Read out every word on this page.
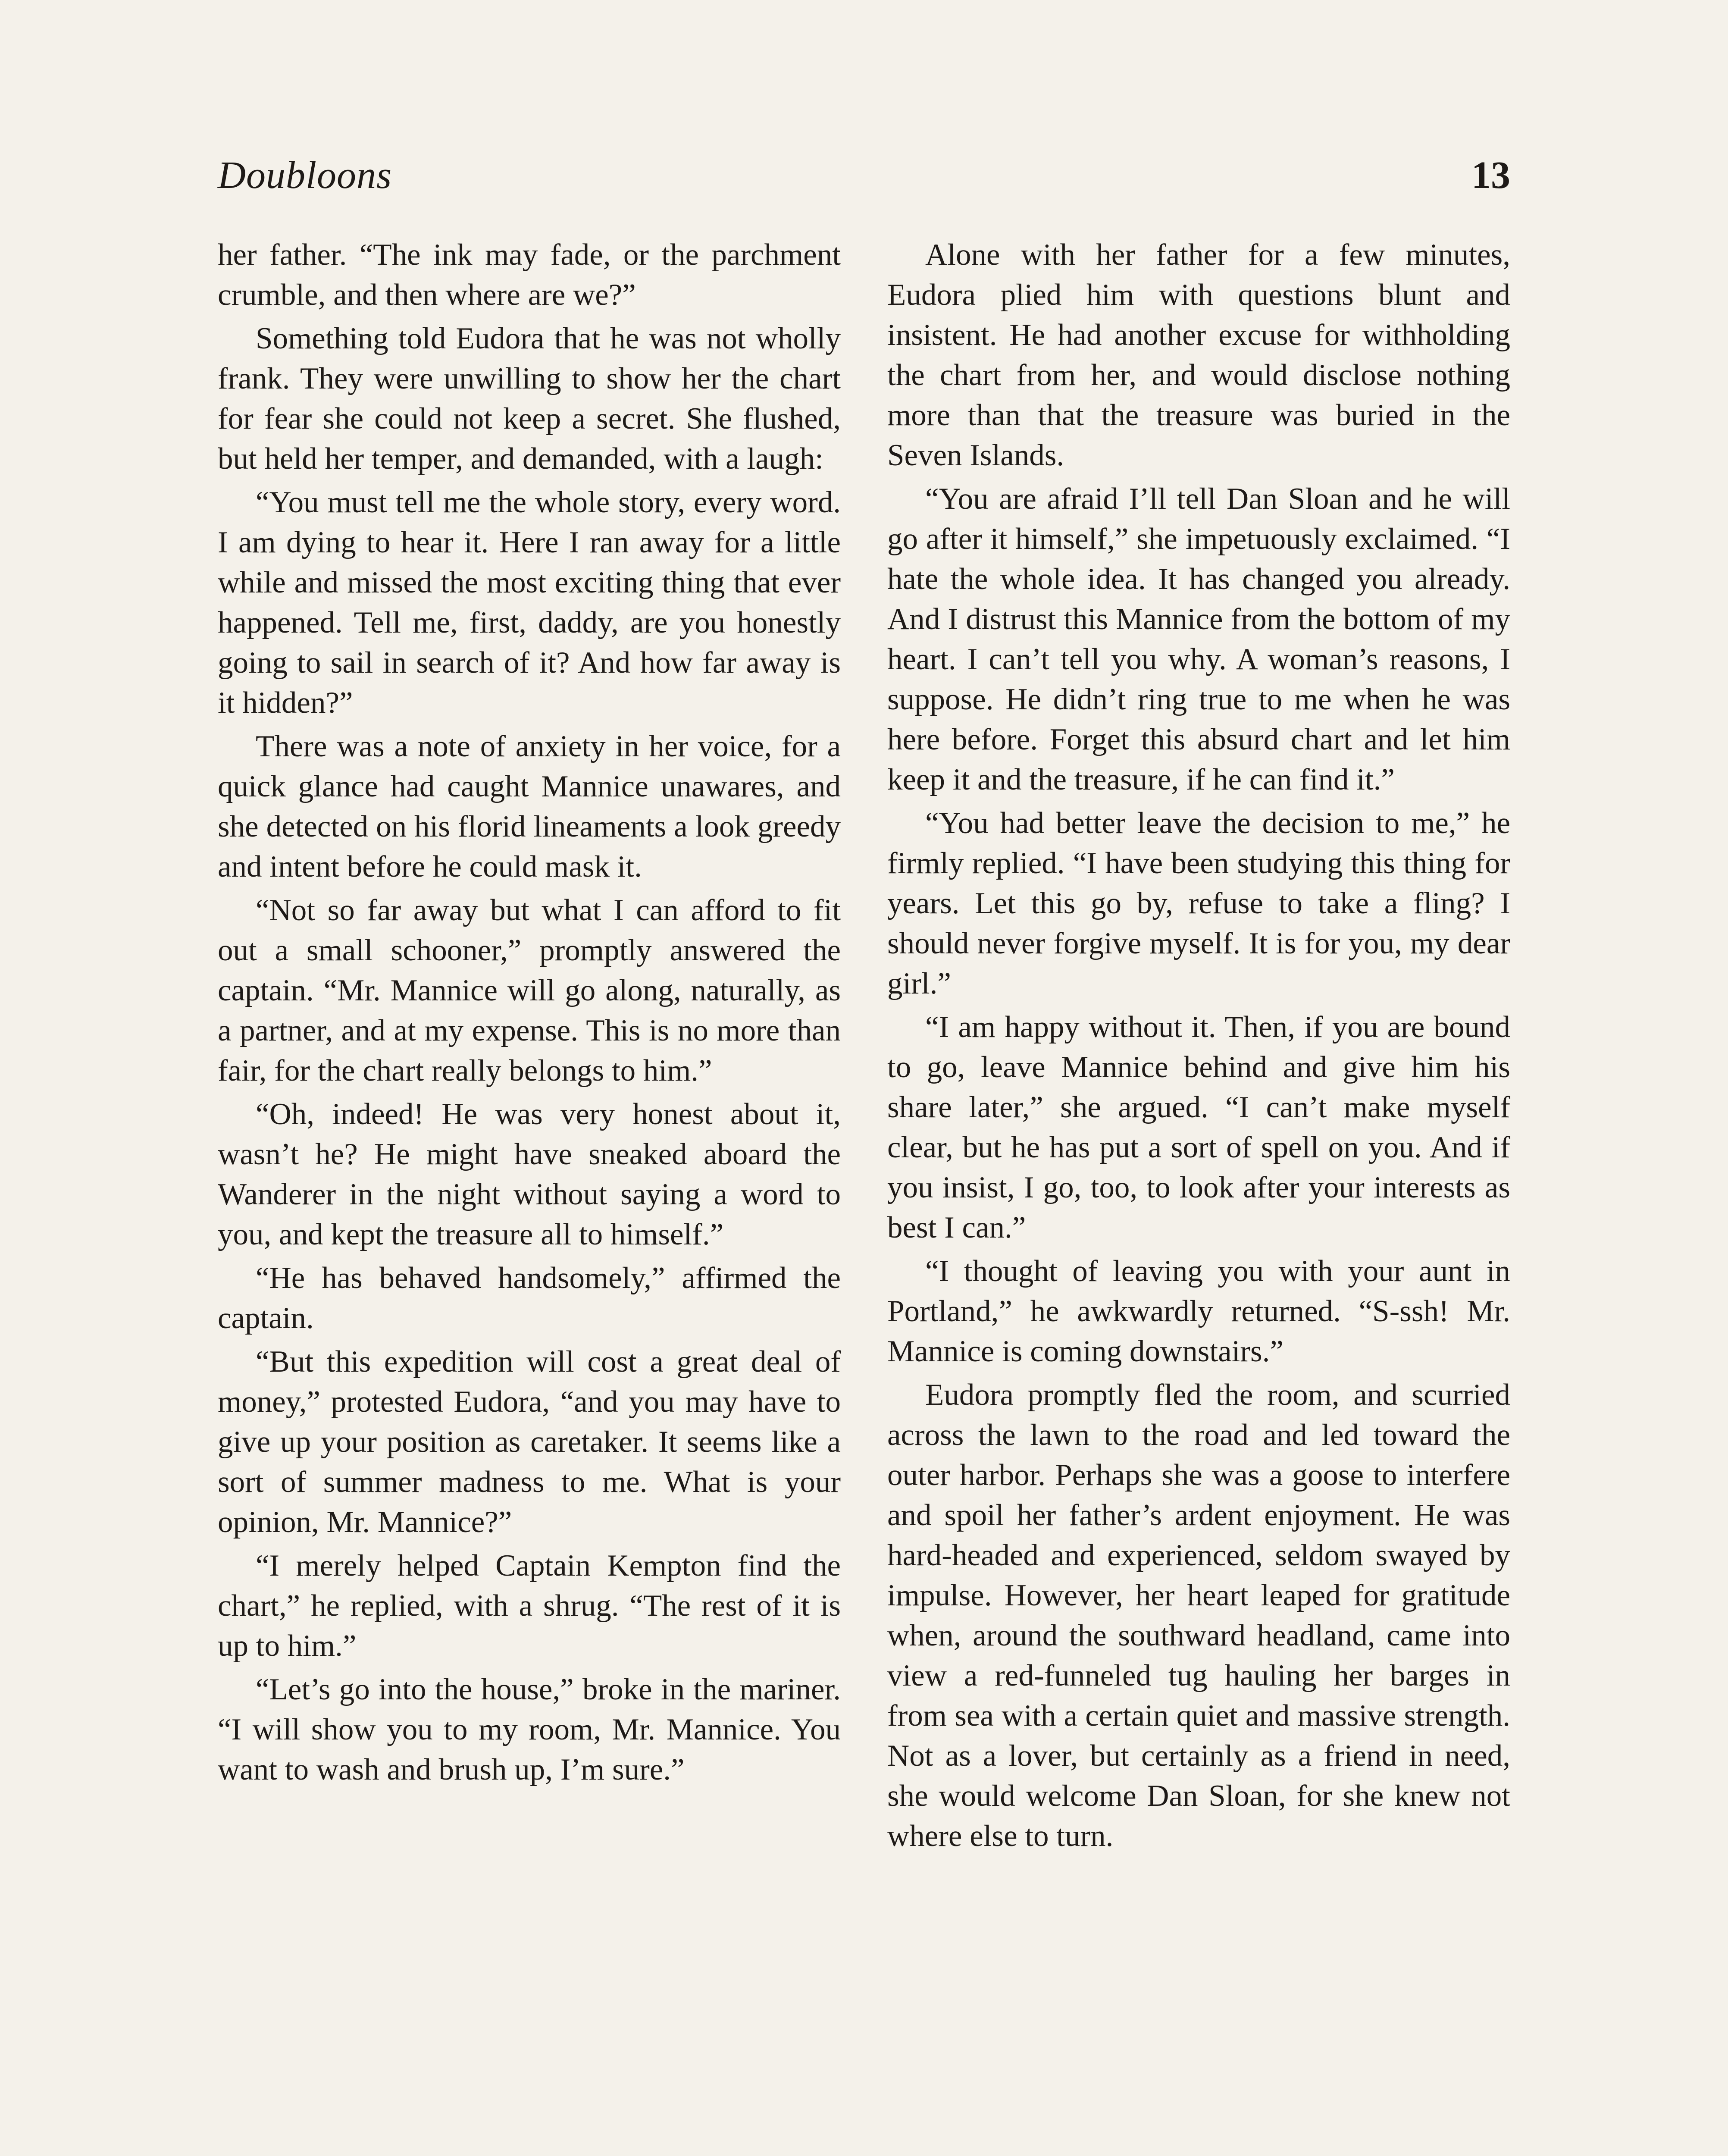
Doubloons	13

her father. “The ink may fade, or the parchment crumble, and then where are we?”

Something told Eudora that he was not wholly frank. They were unwilling to show her the chart for fear she could not keep a secret. She flushed, but held her temper, and demanded, with a laugh:

“You must tell me the whole story, every word. I am dying to hear it. Here I ran away for a little while and missed the most exciting thing that ever happened. Tell me, first, daddy, are you honestly going to sail in search of it? And how far away is it hidden?”

There was a note of anxiety in her voice, for a quick glance had caught Mannice unawares, and she detected on his florid lineaments a look greedy and intent before he could mask it.

“Not so far away but what I can afford to fit out a small schooner,” promptly answered the captain. “Mr. Mannice will go along, naturally, as a partner, and at my expense. This is no more than fair, for the chart really belongs to him.”

“Oh, indeed! He was very honest about it, wasn’t he? He might have sneaked aboard the Wanderer in the night without saying a word to you, and kept the treasure all to himself.”

“He has behaved handsomely,” affirmed the captain.

“But this expedition will cost a great deal of money,” protested Eudora, “and you may have to give up your position as caretaker. It seems like a sort of summer madness to me. What is your opinion, Mr. Mannice?”

“I merely helped Captain Kempton find the chart,” he replied, with a shrug. “The rest of it is up to him.”

“Let’s go into the house,” broke in the mariner. “I will show you to my room, Mr. Mannice. You want to wash and brush up, I’m sure.”

Alone with her father for a few minutes, Eudora plied him with questions blunt and insistent. He had another excuse for withholding the chart from her, and would disclose nothing more than that the treasure was buried in the Seven Islands.

“You are afraid I’ll tell Dan Sloan and he will go after it himself,” she impetuously exclaimed. “I hate the whole idea. It has changed you already. And I distrust this Mannice from the bottom of my heart. I can’t tell you why. A woman’s reasons, I suppose. He didn’t ring true to me when he was here before. Forget this absurd chart and let him keep it and the treasure, if he can find it.”

“You had better leave the decision to me,” he firmly replied. “I have been studying this thing for years. Let this go by, refuse to take a fling? I should never forgive myself. It is for you, my dear girl.”

“I am happy without it. Then, if you are bound to go, leave Mannice behind and give him his share later,” she argued. “I can’t make myself clear, but he has put a sort of spell on you. And if you insist, I go, too, to look after your interests as best I can.”

“I thought of leaving you with your aunt in Portland,” he awkwardly returned. “S-ssh! Mr. Mannice is coming downstairs.”

Eudora promptly fled the room, and scurried across the lawn to the road and led toward the outer harbor. Perhaps she was a goose to interfere and spoil her father’s ardent enjoyment. He was hard-headed and experienced, seldom swayed by impulse. However, her heart leaped for gratitude when, around the southward headland, came into view a red-funneled tug hauling her barges in from sea with a certain quiet and massive strength. Not as a lover, but certainly as a friend in need, she would welcome Dan Sloan, for she knew not where else to turn.
